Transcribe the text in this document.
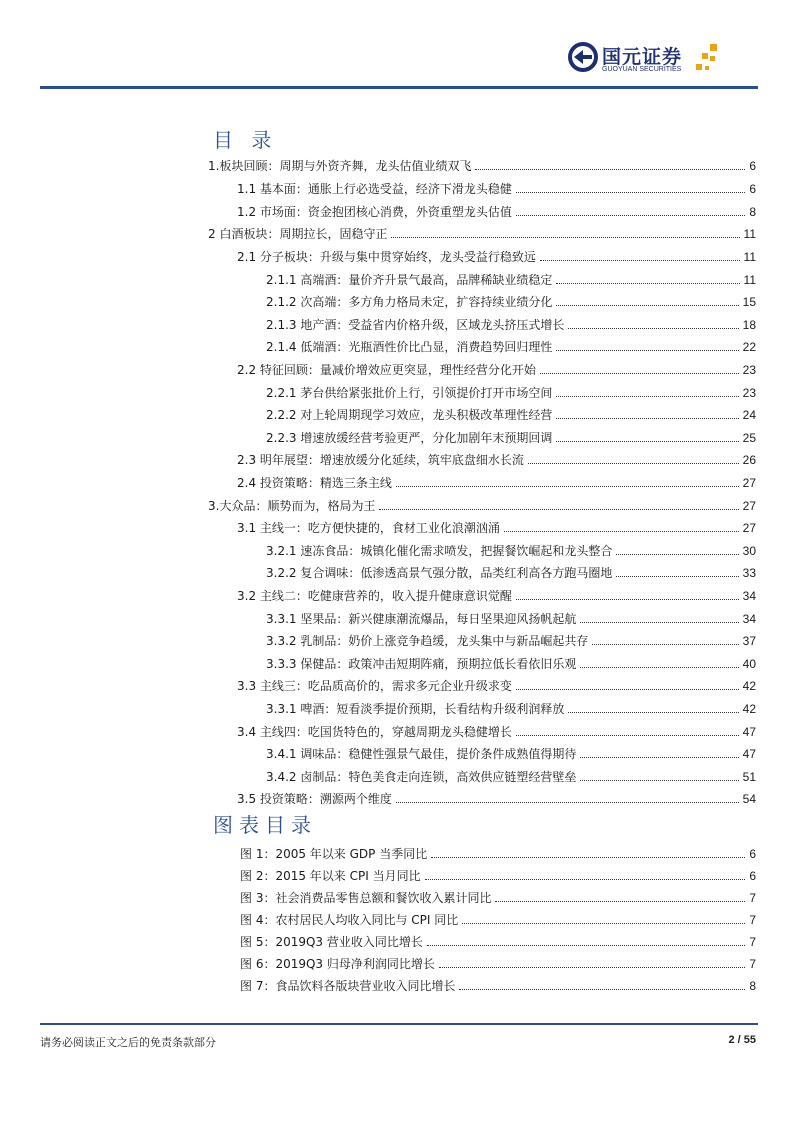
国元证券
GUOYUAN SECURITIES
目 录
1.板块回顾：周期与外资齐舞，龙头估值业绩双飞	6
1.1 基本面：通胀上行必选受益，经济下滑龙头稳健	6
1.2 市场面：资金抱团核心消费，外资重塑龙头估值	8
2 白酒板块：周期拉长，固稳守正	11
2.1 分子板块：升级与集中贯穿始终，龙头受益行稳致远	11
2.1.1 高端酒：量价齐升景气最高，品牌稀缺业绩稳定	11
2.1.2 次高端：多方角力格局未定，扩容持续业绩分化	15
2.1.3 地产酒：受益省内价格升级，区域龙头挤压式增长	18
2.1.4 低端酒：光瓶酒性价比凸显，消费趋势回归理性	22
2.2 特征回顾：量减价增效应更突显，理性经营分化开始	23
2.2.1 茅台供给紧张批价上行，引领提价打开市场空间	23
2.2.2 对上轮周期现学习效应，龙头积极改革理性经营	24
2.2.3 增速放缓经营考验更严，分化加剧年末预期回调	25
2.3 明年展望：增速放缓分化延续，筑牢底盘细水长流	26
2.4 投资策略：精选三条主线	27
3.大众品：顺势而为，格局为王	27
3.1 主线一：吃方便快捷的，食材工业化浪潮汹涌	27
3.2.1 速冻食品：城镇化催化需求喷发，把握餐饮崛起和龙头整合	30
3.2.2 复合调味：低渗透高景气强分散，品类红利高各方跑马圈地	33
3.2 主线二：吃健康营养的，收入提升健康意识觉醒	34
3.3.1 坚果品：新兴健康潮流爆品，每日坚果迎风扬帆起航	34
3.3.2 乳制品：奶价上涨竞争趋缓，龙头集中与新品崛起共存	37
3.3.3 保健品：政策冲击短期阵痛，预期拉低长看依旧乐观	40
3.3 主线三：吃品质高价的，需求多元企业升级求变	42
3.3.1 啤酒：短看淡季提价预期，长看结构升级利润释放	42
3.4 主线四：吃国货特色的，穿越周期龙头稳健增长	47
3.4.1 调味品：稳健性强景气最佳，提价条件成熟值得期待	47
3.4.2 卤制品：特色美食走向连锁，高效供应链塑经营壁垒	51
3.5 投资策略：溯源两个维度	54
图表目录
图 1：2005 年以来 GDP 当季同比	6
图 2：2015 年以来 CPI 当月同比	6
图 3：社会消费品零售总额和餐饮收入累计同比	7
图 4：农村居民人均收入同比与 CPI 同比	7
图 5：2019Q3 营业收入同比增长	7
图 6：2019Q3 归母净利润同比增长	7
图 7：食品饮料各版块营业收入同比增长	8
请务必阅读正文之后的免责条款部分	2 / 55
